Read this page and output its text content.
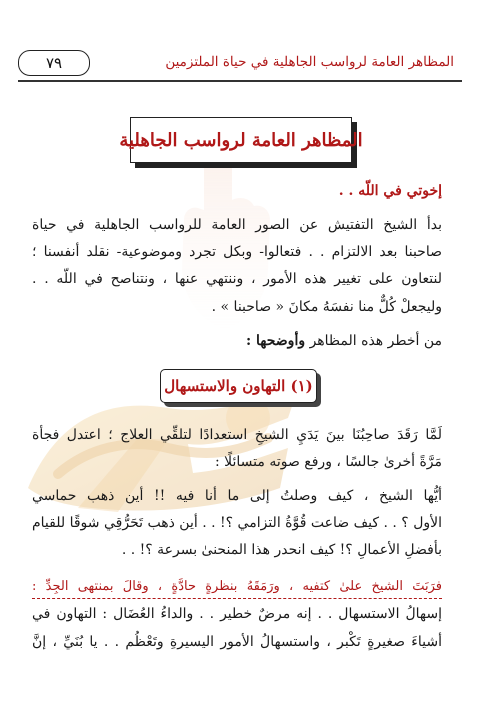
المظاهر العامة لرواسب الجاهلية في حياة الملتزمين
٧٩
المظاهر العامة لرواسب الجاهلية
إخوتي في اللّه . .
بدأ الشيخ التفتيش عن الصور العامة للرواسب الجاهلية في حياة
صاحبنا بعد الالتزام . . فتعالوا- وبكل تجرد وموضوعية- نقلد أنفسنا ؛
لنتعاون على تغيير هذه الأمور ، وننتهي عنها ، ونتناصح في اللّه . .
وليجعلْ كُلٌّ منا نفسَهُ مكانَ « صاحبنا » .
من أخطر هذه المظاهر وأوضحها :
(١) التهاون والاستسهال
لَمَّا رَقَدَ صاحِبُنَا بينَ يَدَيِ الشيخِ استعدادًا لتلقِّي العلاج ؛ اعتدل فجأة
مَرَّةً أخرىٰ جالسًا ، ورفع صوته متسائلًا :
أيُّها الشيخ ، كيف وصلتُ إلى ما أنا فيه !! أين ذهب حماسي
الأول ؟ . . كيف ضاعت قُوَّةُ التزامي ؟! . . أين ذهب تَحَرُّقِي شوقًا للقيام
بأفضلِ الأعمالِ ؟! كيف انحدر هذا المنحنىٰ بسرعة ؟! . .
فرَبَتَ الشيخ علىٰ كتفيه ، ورَمَقَهُ بنظرةٍ حادَّةٍ ، وقالَ بمنتهى الجِدِّ :
إسهالُ الاستسهال . . إنه مرضٌ خطير . . والداءُ العُضَال : التهاون في
أشياءَ صغيرةٍ تَكْبر ، واستسهالُ الأمور اليسيرةِ وتَعْظُم . . يا بُنَيِّ ، إنَّ
